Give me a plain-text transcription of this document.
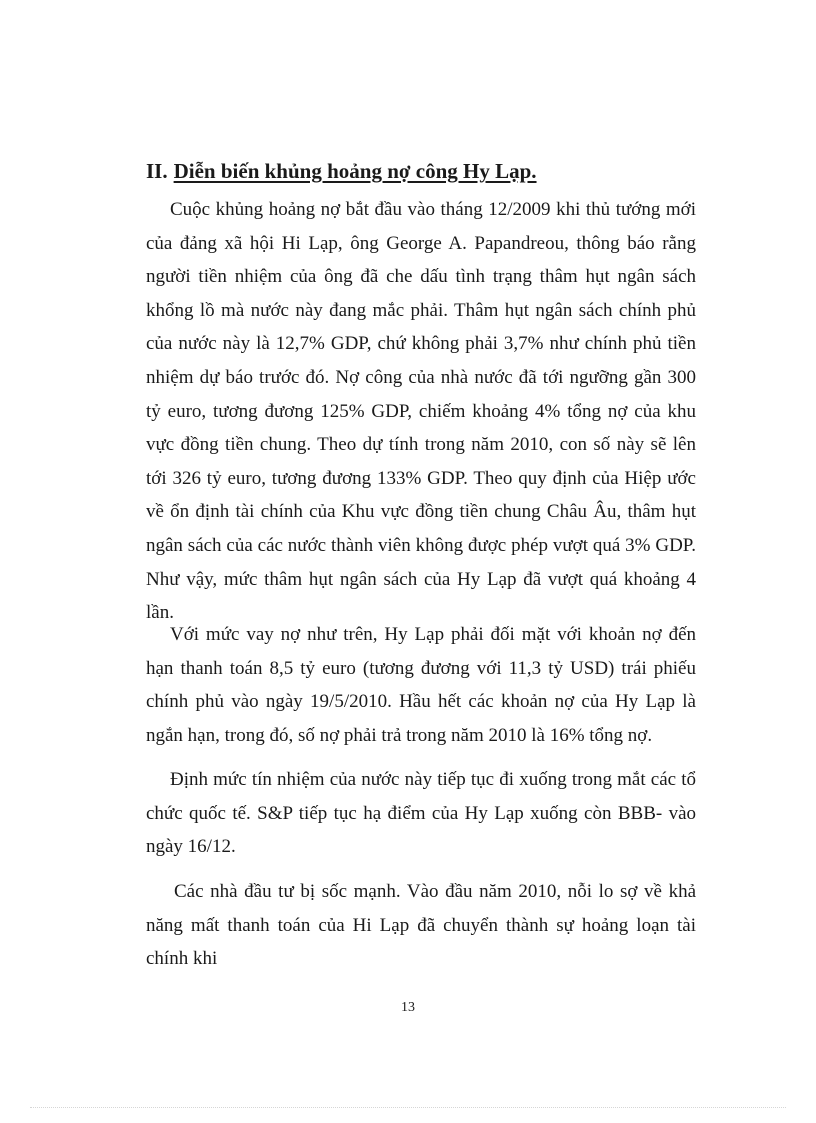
II. Diễn biến khủng hoảng nợ công Hy Lạp.

Cuộc khủng hoảng nợ bắt đầu vào tháng 12/2009 khi thủ tướng mới của đảng xã hội Hi Lạp, ông George A. Papandreou, thông báo rằng người tiền nhiệm của ông đã che dấu tình trạng thâm hụt ngân sách khổng lồ mà nước này đang mắc phải. Thâm hụt ngân sách chính phủ của nước này là 12,7% GDP, chứ không phải 3,7% như chính phủ tiền nhiệm dự báo trước đó. Nợ công của nhà nước đã tới ngưỡng gần 300 tỷ euro, tương đương 125% GDP, chiếm khoảng 4% tổng nợ của khu vực đồng tiền chung. Theo dự tính trong năm 2010, con số này sẽ lên tới 326 tỷ euro, tương đương 133% GDP. Theo quy định của Hiệp ước về ổn định tài chính của Khu vực đồng tiền chung Châu Âu, thâm hụt ngân sách của các nước thành viên không được phép vượt quá 3% GDP. Như vậy, mức thâm hụt ngân sách của Hy Lạp đã vượt quá khoảng 4 lần.

Với mức vay nợ như trên, Hy Lạp phải đối mặt với khoản nợ đến hạn thanh toán 8,5 tỷ euro (tương đương với 11,3 tỷ USD) trái phiếu chính phủ vào ngày 19/5/2010. Hầu hết các khoản nợ của Hy Lạp là ngắn hạn, trong đó, số nợ phải trả trong năm 2010 là 16% tổng nợ.

Định mức tín nhiệm của nước này tiếp tục đi xuống trong mắt các tổ chức quốc tế. S&P tiếp tục hạ điểm của Hy Lạp xuống còn BBB- vào ngày 16/12.

Các nhà đầu tư bị sốc mạnh. Vào đầu năm 2010, nỗi lo sợ về khả năng mất thanh toán của Hi Lạp đã chuyển thành sự hoảng loạn tài chính khi

13
